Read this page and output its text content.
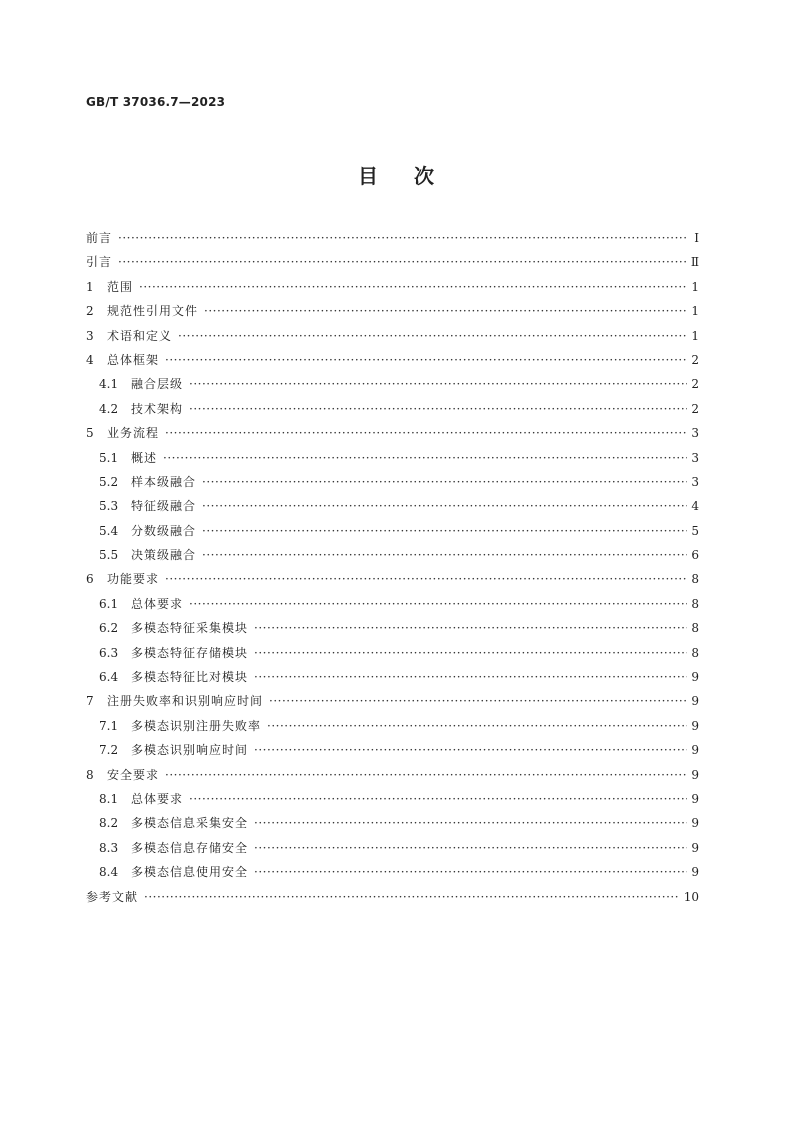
GB/T 37036.7—2023
目 次
前言 ·····	Ⅰ
引言 ·····	Ⅱ
1	范围 ·····	1
2	规范性引用文件 ·····	1
3	术语和定义 ·····	1
4	总体框架 ·····	2
4.1	融合层级 ·····	2
4.2	技术架构 ·····	2
5	业务流程 ·····	3
5.1	概述 ·····	3
5.2	样本级融合 ·····	3
5.3	特征级融合 ·····	4
5.4	分数级融合 ·····	5
5.5	决策级融合 ·····	6
6	功能要求 ·····	8
6.1	总体要求 ·····	8
6.2	多模态特征采集模块 ·····	8
6.3	多模态特征存储模块 ·····	8
6.4	多模态特征比对模块 ·····	9
7	注册失败率和识别响应时间 ·····	9
7.1	多模态识别注册失败率 ·····	9
7.2	多模态识别响应时间 ·····	9
8	安全要求 ·····	9
8.1	总体要求 ·····	9
8.2	多模态信息采集安全 ·····	9
8.3	多模态信息存储安全 ·····	9
8.4	多模态信息使用安全 ·····	9
参考文献 ·····	10
